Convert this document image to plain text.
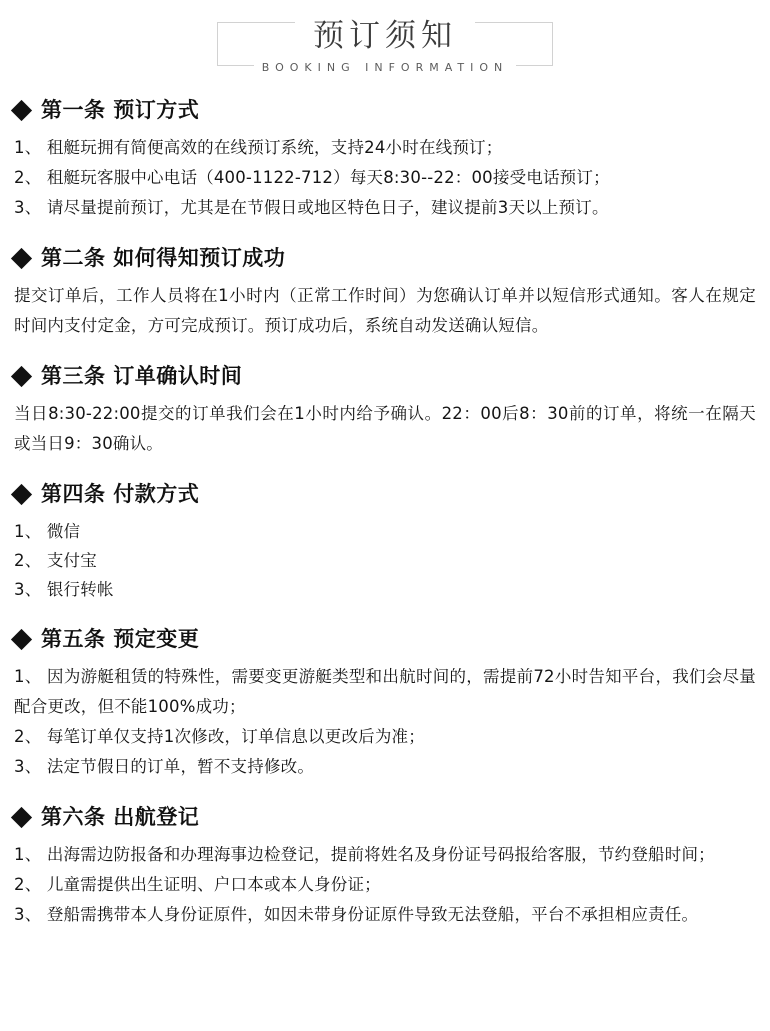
预订须知
BOOKING INFORMATION
第一条 预订方式
1、 租艇玩拥有简便高效的在线预订系统，支持24小时在线预订；
2、 租艇玩客服中心电话（400-1122-712）每天8:30--22：00接受电话预订；
3、 请尽量提前预订，尤其是在节假日或地区特色日子，建议提前3天以上预订。
第二条 如何得知预订成功
提交订单后，工作人员将在1小时内（正常工作时间）为您确认订单并以短信形式通知。客人在规定时间内支付定金，方可完成预订。预订成功后，系统自动发送确认短信。
第三条 订单确认时间
当日8:30-22:00提交的订单我们会在1小时内给予确认。22：00后8：30前的订单，将统一在隔天或当日9：30确认。
第四条 付款方式
1、 微信
2、 支付宝
3、 银行转帐
第五条 预定变更
1、 因为游艇租赁的特殊性，需要变更游艇类型和出航时间的，需提前72小时告知平台，我们会尽量配合更改，但不能100%成功；
2、 每笔订单仅支持1次修改，订单信息以更改后为准；
3、 法定节假日的订单，暂不支持修改。
第六条 出航登记
1、 出海需边防报备和办理海事边检登记，提前将姓名及身份证号码报给客服，节约登船时间；
2、 儿童需提供出生证明、户口本或本人身份证；
3、 登船需携带本人身份证原件，如因未带身份证原件导致无法登船，平台不承担相应责任。
